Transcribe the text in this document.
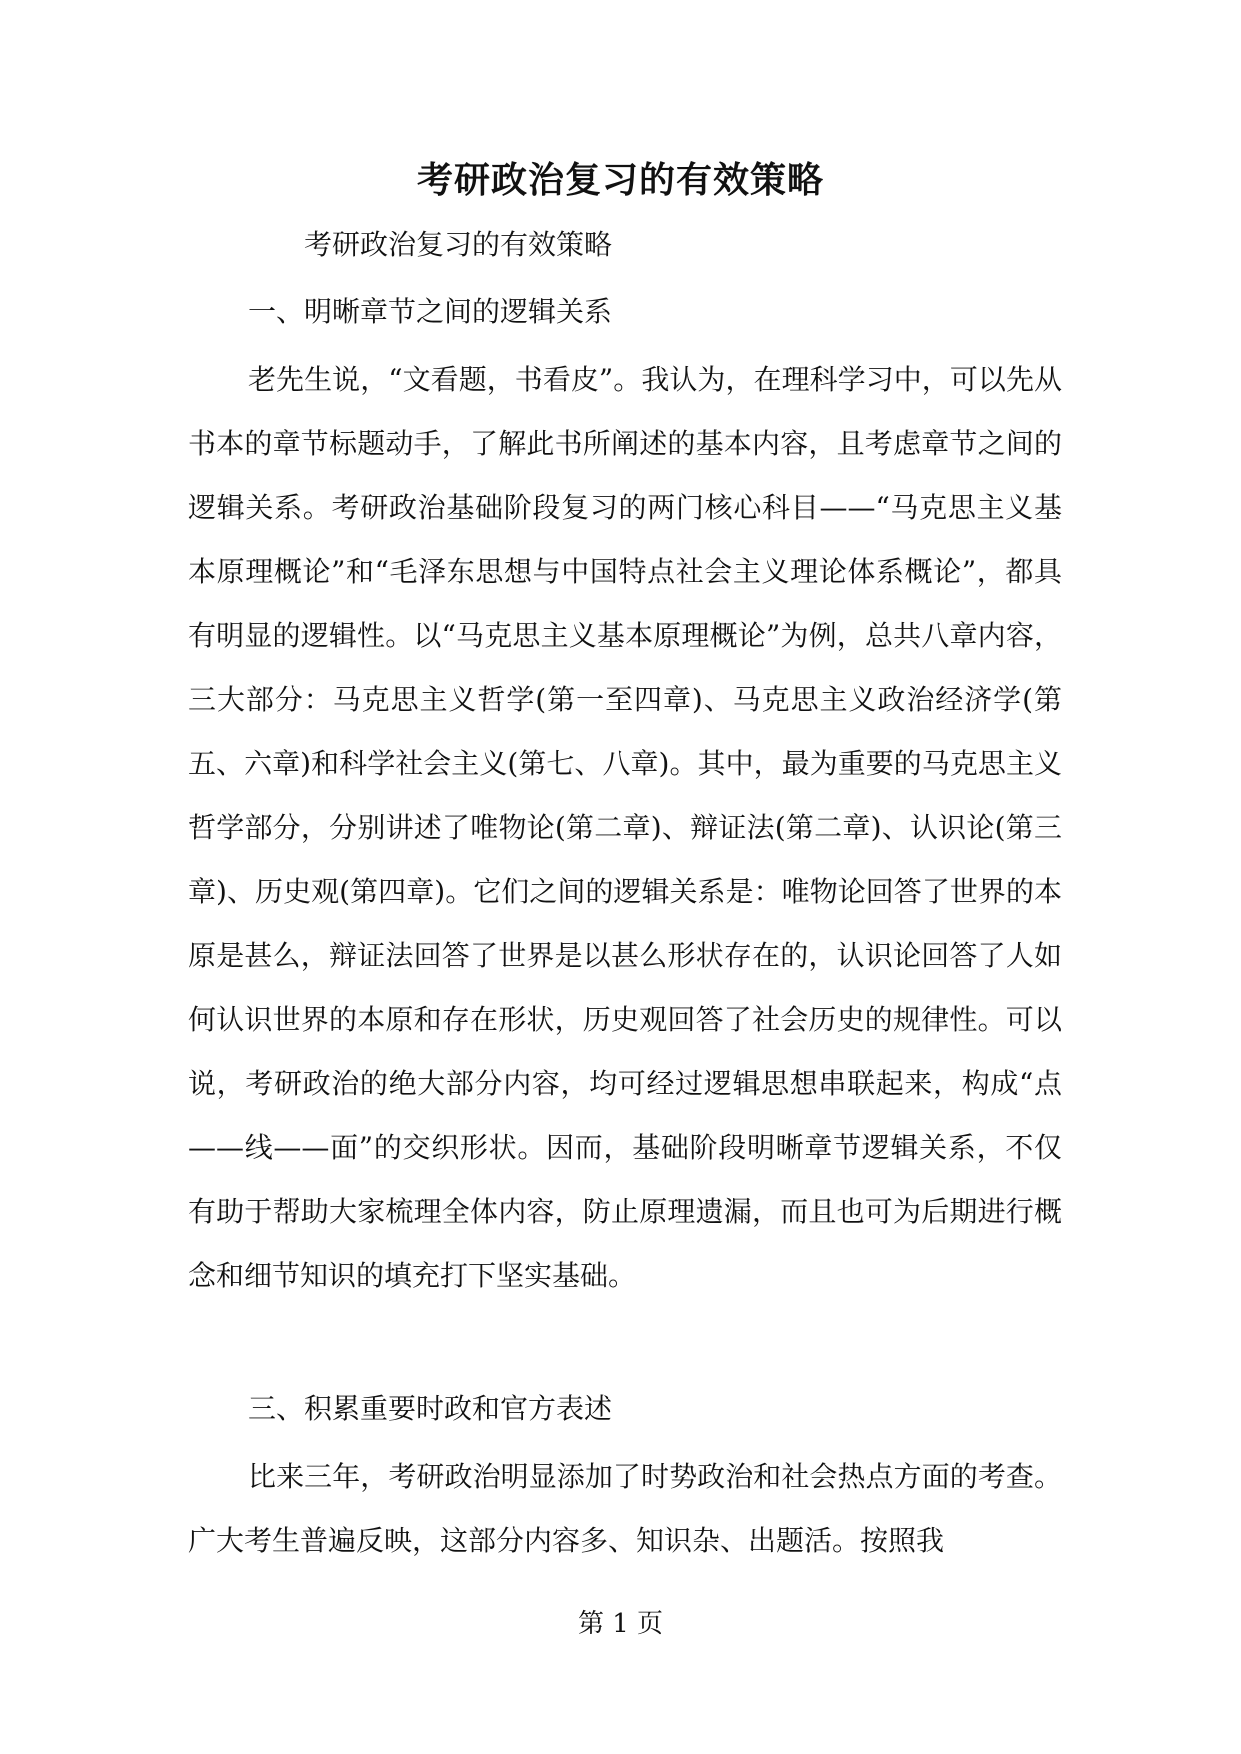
考研政治复习的有效策略
考研政治复习的有效策略
一、明晰章节之间的逻辑关系

老先生说，“文看题，书看皮”。我认为，在理科学习中，可以先从书本的章节标题动手，了解此书所阐述的基本内容，且考虑章节之间的逻辑关系。考研政治基础阶段复习的两门核心科目——“马克思主义基本原理概论”和“毛泽东思想与中国特点社会主义理论体系概论”，都具有明显的逻辑性。以“马克思主义基本原理概论”为例，总共八章内容，三大部分：马克思主义哲学(第一至四章)、马克思主义政治经济学(第五、六章)和科学社会主义(第七、八章)。其中，最为重要的马克思主义哲学部分，分别讲述了唯物论(第二章)、辩证法(第二章)、认识论(第三章)、历史观(第四章)。它们之间的逻辑关系是：唯物论回答了世界的本原是甚么，辩证法回答了世界是以甚么形状存在的，认识论回答了人如何认识世界的本原和存在形状，历史观回答了社会历史的规律性。可以说，考研政治的绝大部分内容，均可经过逻辑思想串联起来，构成“点——线——面”的交织形状。因而，基础阶段明晰章节逻辑关系，不仅有助于帮助大家梳理全体内容，防止原理遗漏，而且也可为后期进行概念和细节知识的填充打下坚实基础。

三、积累重要时政和官方表述

比来三年，考研政治明显添加了时势政治和社会热点方面的考查。广大考生普遍反映，这部分内容多、知识杂、出题活。按照我

第 1 页
